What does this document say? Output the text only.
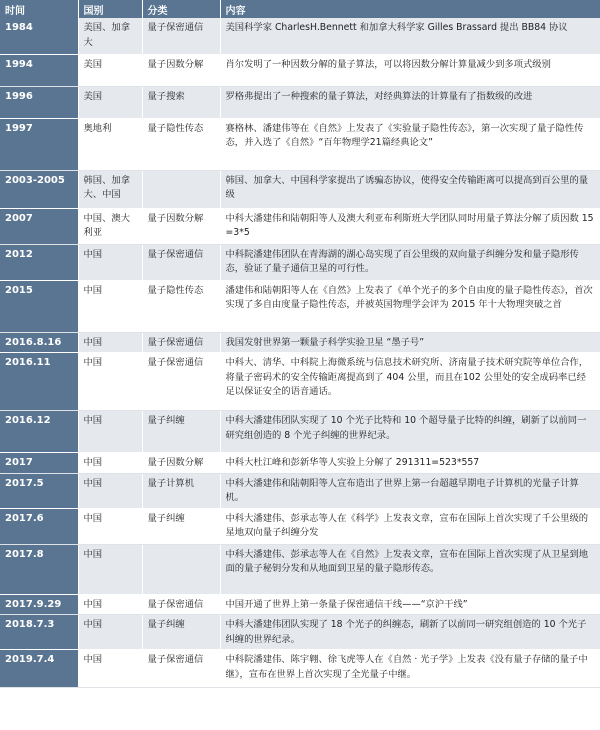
时间	国别	分类	内容
1984	美国、加拿大	量子保密通信	美国科学家 CharlesH.Bennett 和加拿大科学家 Gilles Brassard 提出 BB84 协议
1994	美国	量子因数分解	肖尔发明了一种因数分解的量子算法，可以将因数分解计算量减少到多项式级别
1996	美国	量子搜索	罗格弗提出了一种搜索的量子算法，对经典算法的计算量有了指数级的改进
1997	奥地利	量子隐性传态	赛格林、潘建伟等在《自然》上发表了《实验量子隐性传态》，第一次实现了量子隐性传态，并入选了《自然》“百年物理学21篇经典论文”
2003-2005	韩国、加拿大、中国		韩国、加拿大、中国科学家提出了诱骗态协议，使得安全传输距离可以提高到百公里的量级
2007	中国、澳大利亚	量子因数分解	中科大潘建伟和陆朝阳等人及澳大利亚布利斯班大学团队同时用量子算法分解了质因数 15=3*5
2012	中国	量子保密通信	中科院潘建伟团队在青海湖的湖心岛实现了百公里级的双向量子纠缠分发和量子隐形传态，验证了量子通信卫星的可行性。
2015	中国	量子隐性传态	潘建伟和陆朝阳等人在《自然》上发表了《单个光子的多个自由度的量子隐性传态》，首次实现了多自由度量子隐性传态，并被英国物理学会评为 2015 年十大物理突破之首
2016.8.16	中国	量子保密通信	我国发射世界第一颗量子科学实验卫星 “墨子号”
2016.11	中国	量子保密通信	中科大、清华、中科院上海微系统与信息技术研究所、济南量子技术研究院等单位合作，将量子密码术的安全传输距离提高到了 404 公里，而且在102 公里处的安全成码率已经足以保证安全的语音通话。
2016.12	中国	量子纠缠	中科大潘建伟团队实现了 10 个光子比特和 10 个超导量子比特的纠缠，刷新了以前同一研究组创造的 8 个光子纠缠的世界纪录。
2017	中国	量子因数分解	中科大杜江峰和彭新华等人实验上分解了 291311=523*557
2017.5	中国	量子计算机	中科大潘建伟和陆朝阳等人宣布造出了世界上第一台超越早期电子计算机的光量子计算机。
2017.6	中国	量子纠缠	中科大潘建伟、彭承志等人在《科学》上发表文章，宣布在国际上首次实现了千公里级的星地双向量子纠缠分发
2017.8	中国		中科大潘建伟、彭承志等人在《自然》上发表文章，宣布在国际上首次实现了从卫星到地面的量子秘钥分发和从地面到卫星的量子隐形传态。
2017.9.29	中国	量子保密通信	中国开通了世界上第一条量子保密通信干线——“京沪干线”
2018.7.3	中国	量子纠缠	中科大潘建伟团队实现了 18 个光子的纠缠态，刷新了以前同一研究组创造的 10 个光子纠缠的世界纪录。
2019.7.4	中国	量子保密通信	中科院潘建伟、陈宇翱、徐飞虎等人在《自然 · 光子学》上发表《没有量子存储的量子中继》，宣布在世界上首次实现了全光量子中继。
